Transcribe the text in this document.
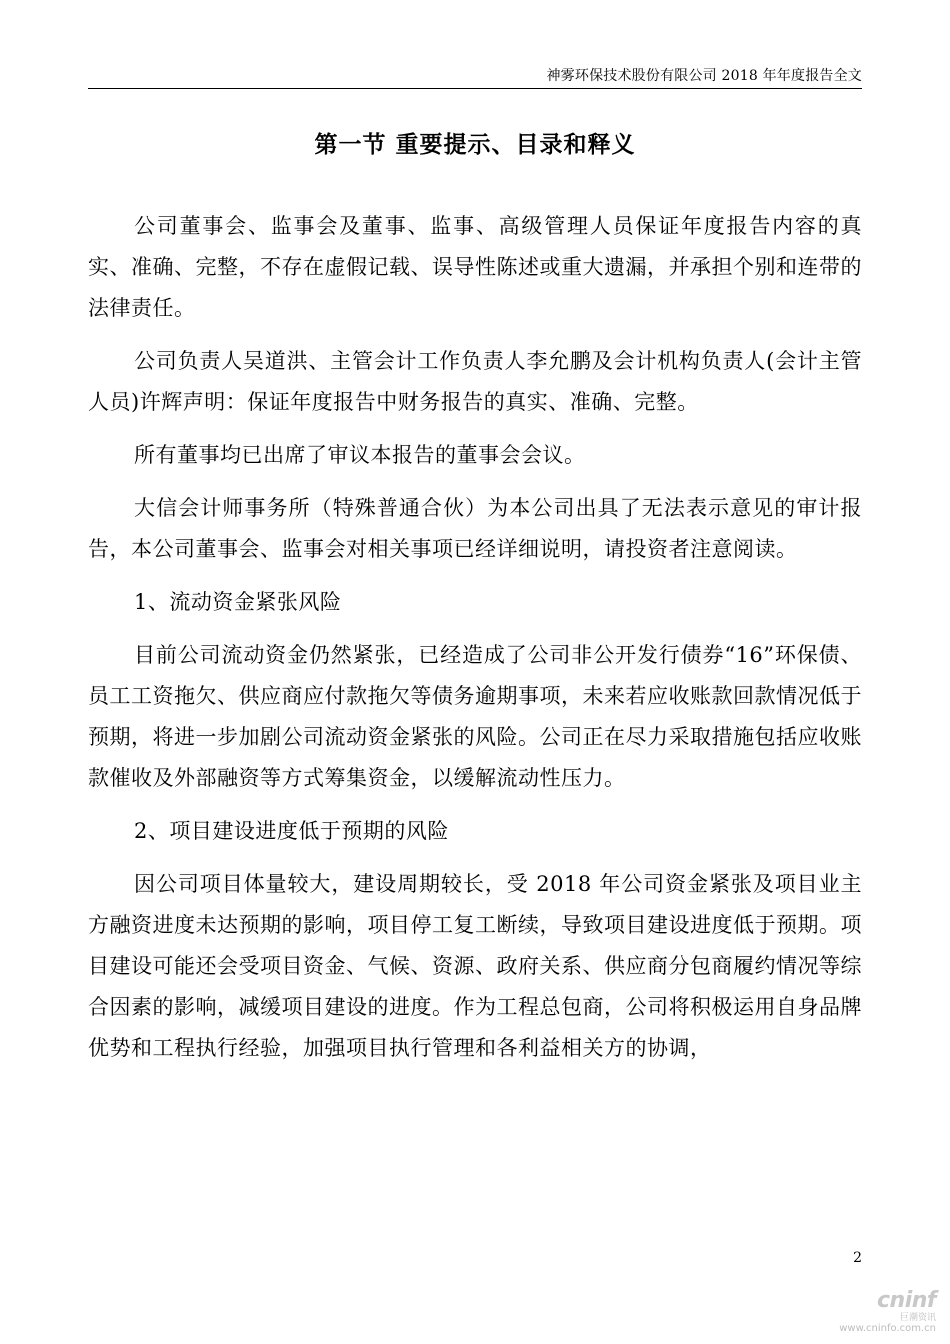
神雾环保技术股份有限公司 2018 年年度报告全文
第一节 重要提示、目录和释义

公司董事会、监事会及董事、监事、高级管理人员保证年度报告内容的真实、准确、完整，不存在虚假记载、误导性陈述或重大遗漏，并承担个别和连带的法律责任。

公司负责人吴道洪、主管会计工作负责人李允鹏及会计机构负责人(会计主管人员)许辉声明：保证年度报告中财务报告的真实、准确、完整。

所有董事均已出席了审议本报告的董事会会议。

大信会计师事务所（特殊普通合伙）为本公司出具了无法表示意见的审计报告，本公司董事会、监事会对相关事项已经详细说明，请投资者注意阅读。

1、流动资金紧张风险

目前公司流动资金仍然紧张，已经造成了公司非公开发行债券“16”环保债、员工工资拖欠、供应商应付款拖欠等债务逾期事项，未来若应收账款回款情况低于预期，将进一步加剧公司流动资金紧张的风险。公司正在尽力采取措施包括应收账款催收及外部融资等方式筹集资金，以缓解流动性压力。

2、项目建设进度低于预期的风险

因公司项目体量较大，建设周期较长，受 2018 年公司资金紧张及项目业主方融资进度未达预期的影响，项目停工复工断续，导致项目建设进度低于预期。项目建设可能还会受项目资金、气候、资源、政府关系、供应商分包商履约情况等综合因素的影响，减缓项目建设的进度。作为工程总包商，公司将积极运用自身品牌优势和工程执行经验，加强项目执行管理和各利益相关方的协调，

2
cninf
巨潮资讯
www.cninfo.com.cn
